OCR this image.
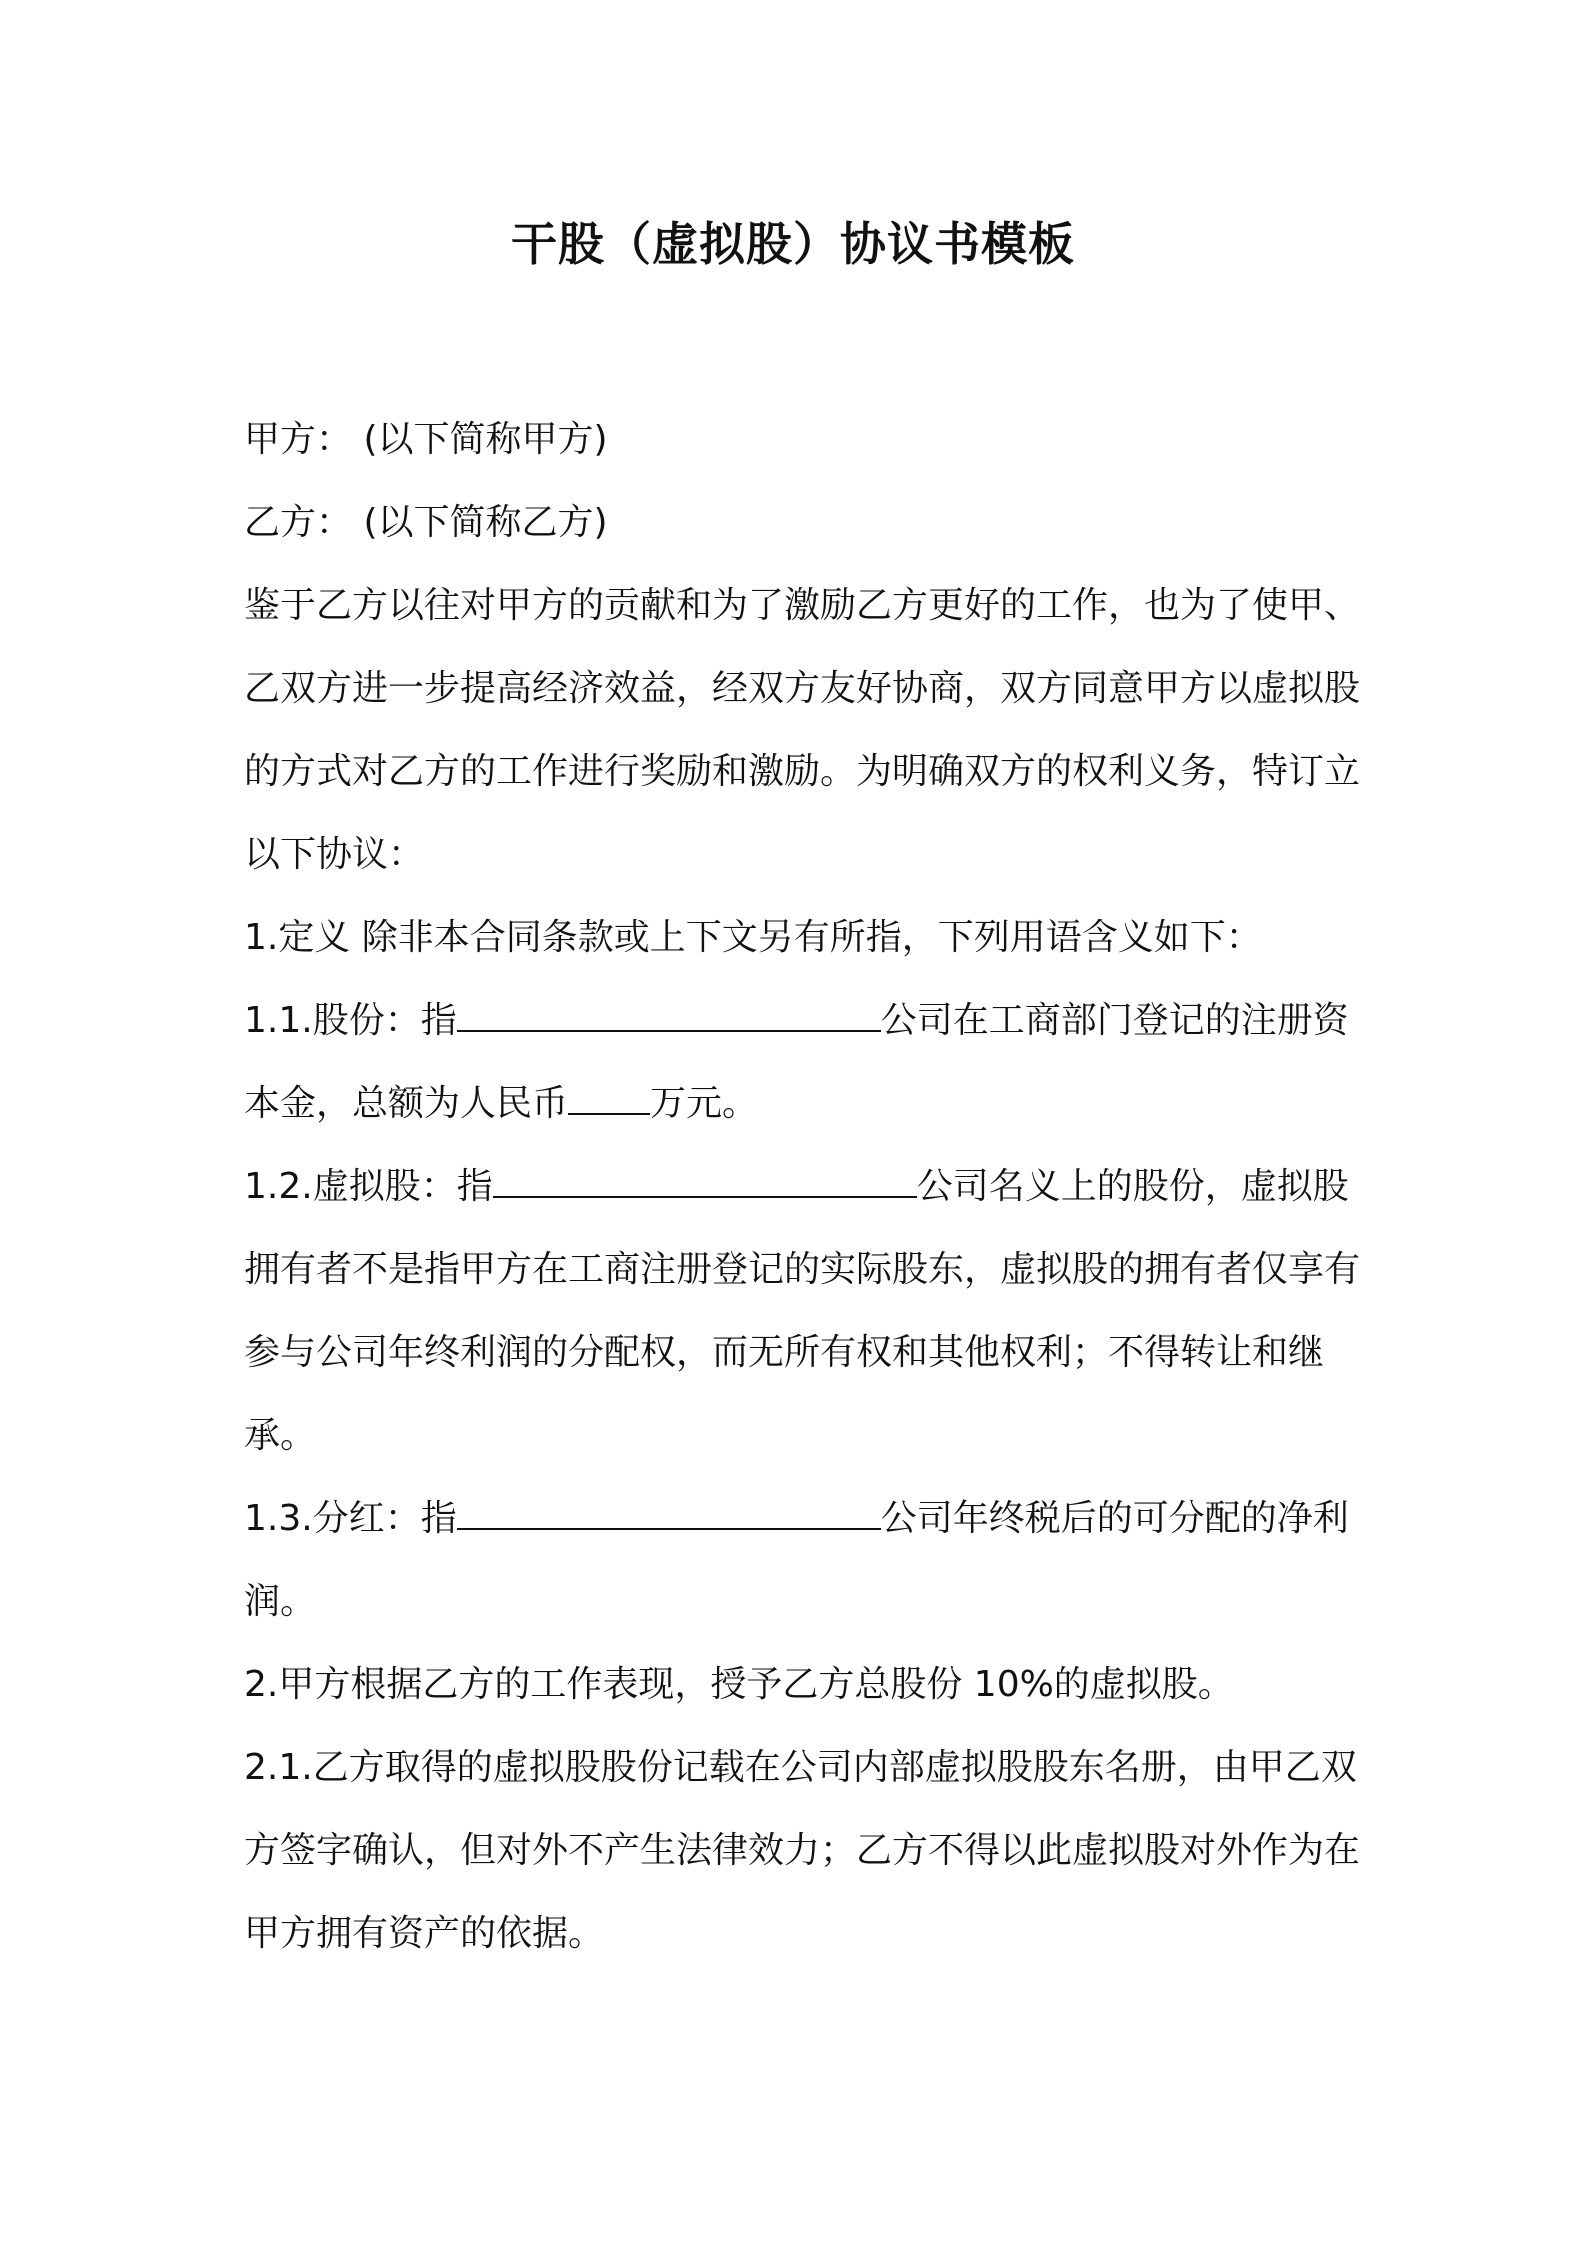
干股（虚拟股）协议书模板

甲方： (以下简称甲方)

乙方： (以下简称乙方)

鉴于乙方以往对甲方的贡献和为了激励乙方更好的工作，也为了使甲、乙双方进一步提高经济效益，经双方友好协商，双方同意甲方以虚拟股的方式对乙方的工作进行奖励和激励。为明确双方的权利义务，特订立以下协议：

1.定义 除非本合同条款或上下文另有所指，下列用语含义如下：

1.1.股份：指	公司在工商部门登记的注册资本金，总额为人民币 万元。

1.2.虚拟股：指	公司名义上的股份，虚拟股拥有者不是指甲方在工商注册登记的实际股东，虚拟股的拥有者仅享有参与公司年终利润的分配权，而无所有权和其他权利；不得转让和继承。

1.3.分红：指	公司年终税后的可分配的净利润。

2.甲方根据乙方的工作表现，授予乙方总股份 10%的虚拟股。

2.1.乙方取得的虚拟股股份记载在公司内部虚拟股股东名册，由甲乙双方签字确认，但对外不产生法律效力；乙方不得以此虚拟股对外作为在甲方拥有资产的依据。
